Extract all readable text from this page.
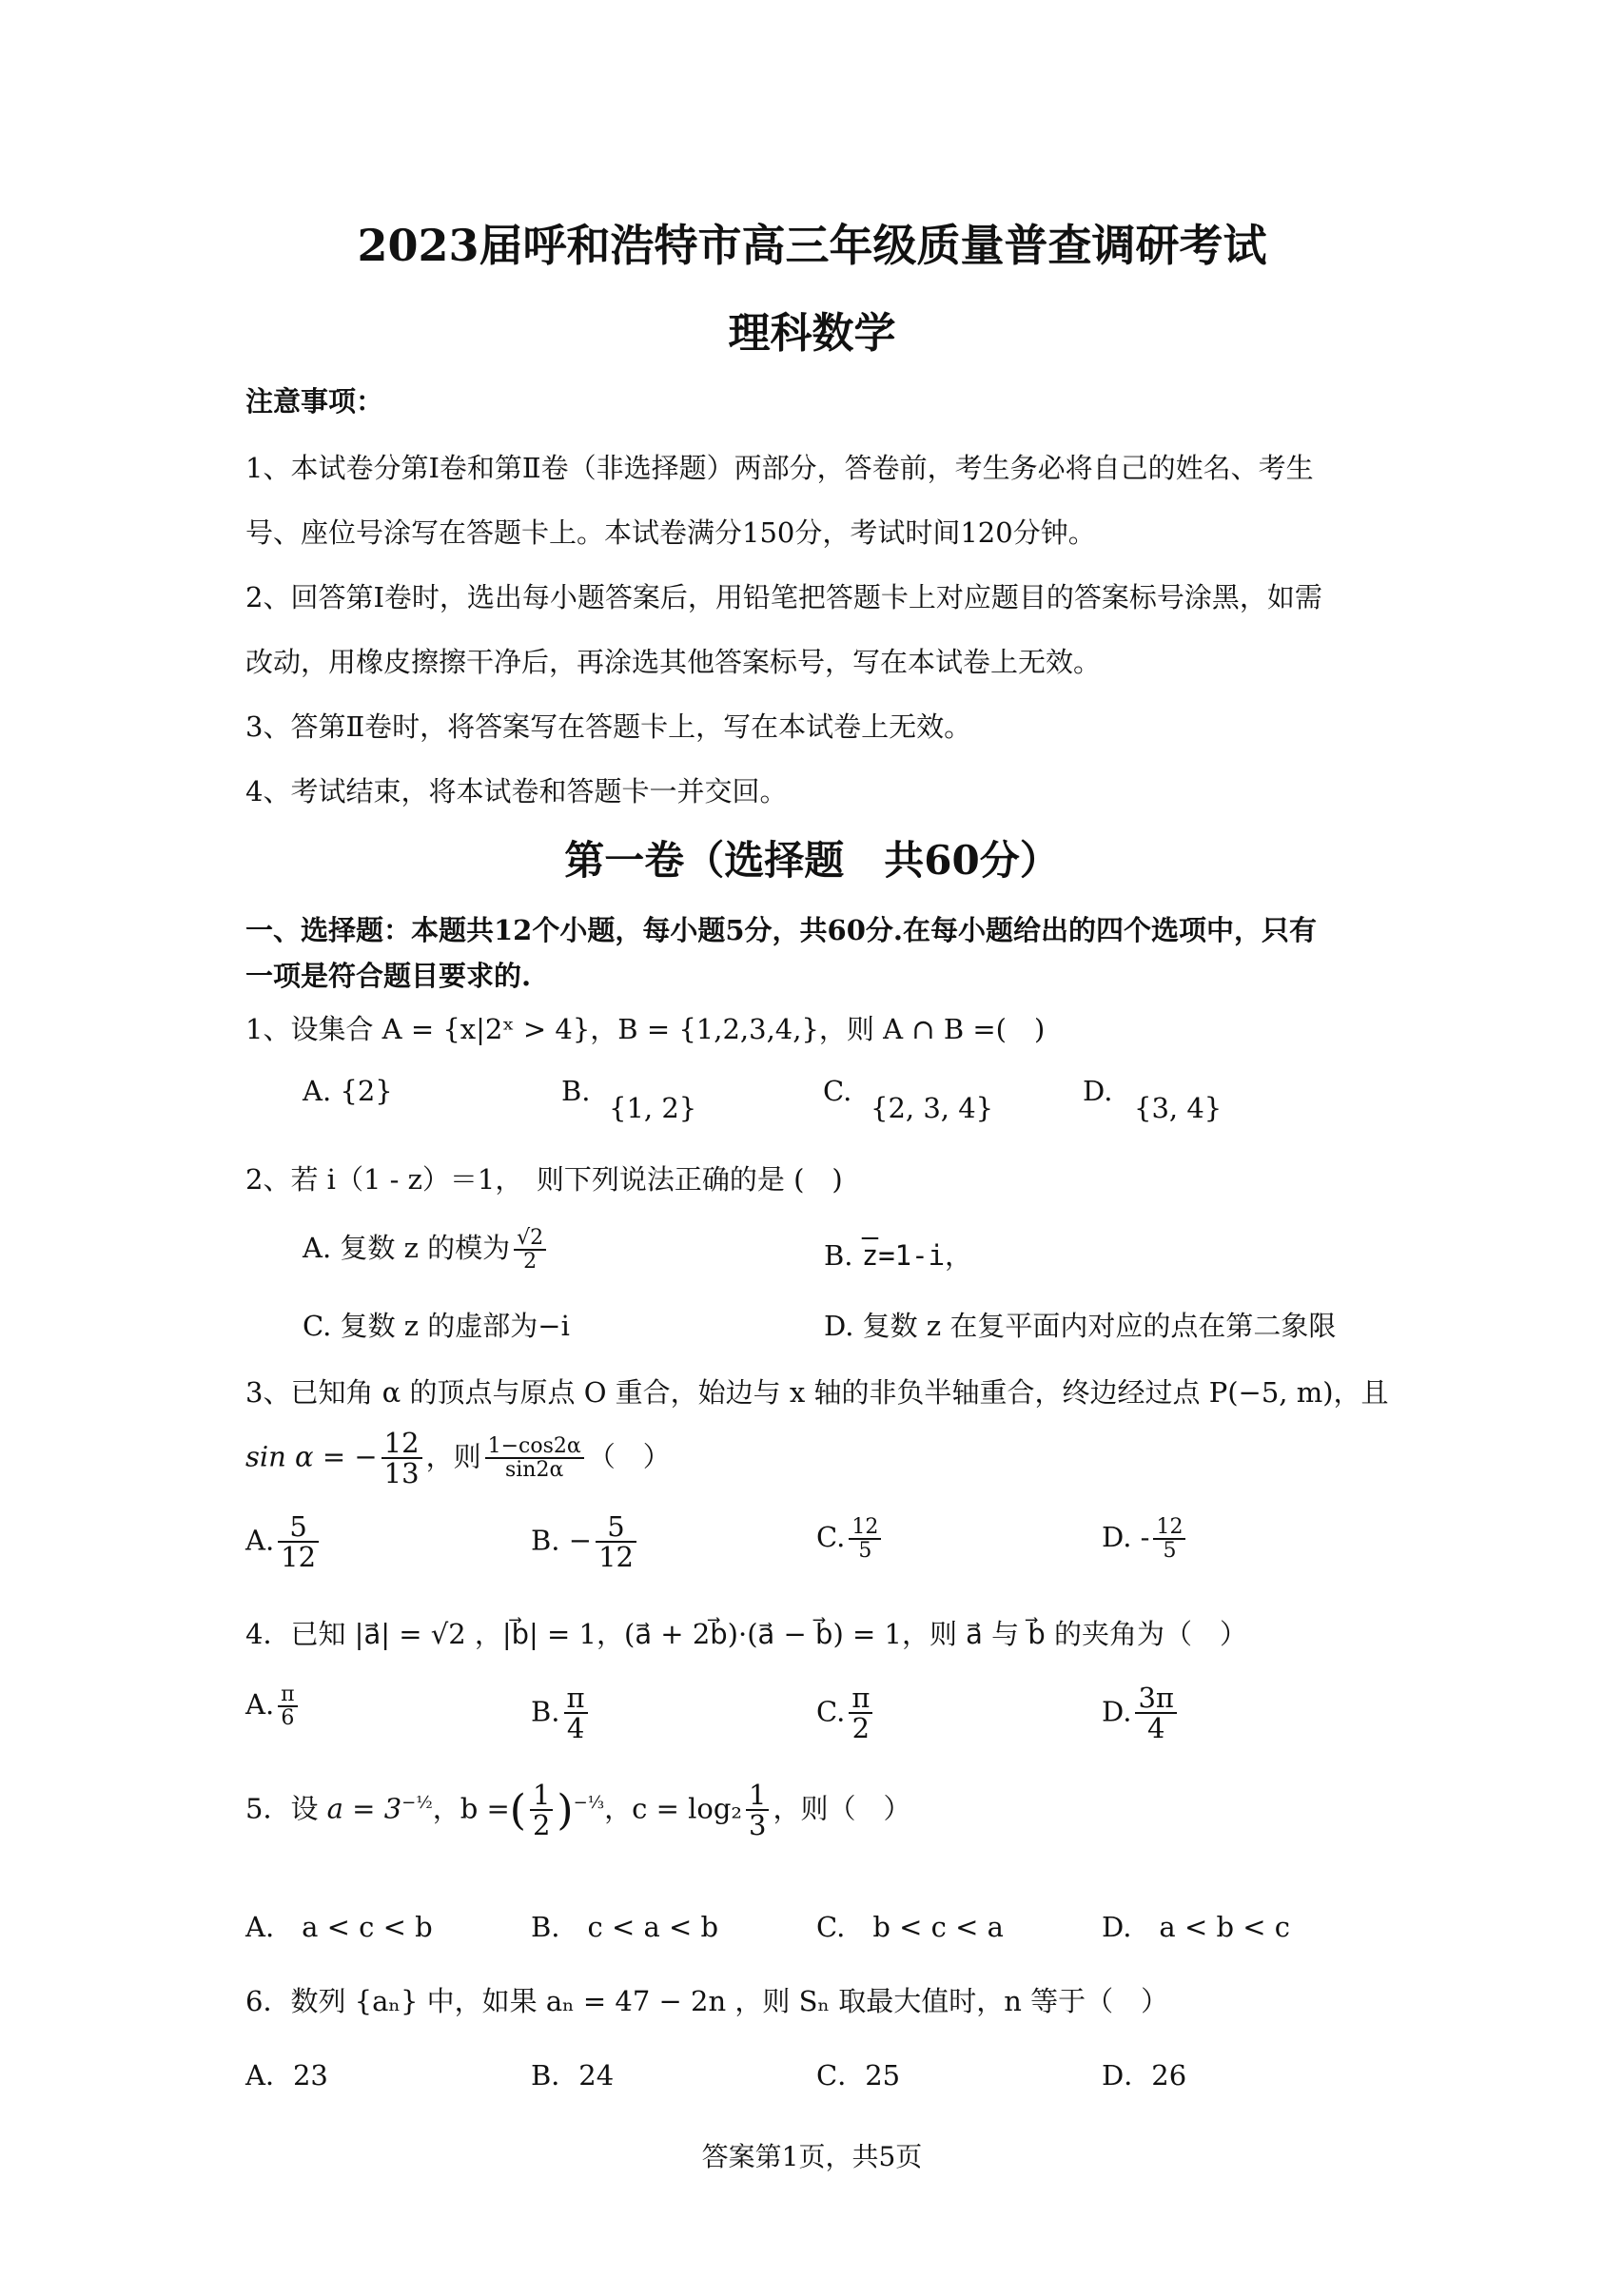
2023届呼和浩特市高三年级质量普查调研考试
理科数学
注意事项：
1、本试卷分第Ⅰ卷和第Ⅱ卷（非选择题）两部分，答卷前，考生务必将自己的姓名、考生
号、座位号涂写在答题卡上。本试卷满分150分，考试时间120分钟。
2、回答第Ⅰ卷时，选出每小题答案后，用铅笔把答题卡上对应题目的答案标号涂黑，如需
改动，用橡皮擦擦干净后，再涂选其他答案标号，写在本试卷上无效。
3、答第Ⅱ卷时，将答案写在答题卡上，写在本试卷上无效。
4、考试结束，将本试卷和答题卡一并交回。
第一卷（选择题　共60分）
一、选择题：本题共12个小题，每小题5分，共60分.在每小题给出的四个选项中，只有
一项是符合题目要求的.
1、设集合 A = {x|2ˣ > 4}，B = {1,2,3,4,}，则 A ∩ B =(　)
A. {2}	B.
{1, 2}
C.
{2, 3, 4}
D.
{3, 4}
2、若 i（1 - z）＝1，　则下列说法正确的是 (　)
A. 复数 z 的模为 $\frac{√2}{2}$	B. $\overline{z}=1-i$，
C. 复数 z 的虚部为−i	D. 复数 z 在复平面内对应的点在第二象限
3、已知角 α 的顶点与原点 O 重合，始边与 x 轴的非负半轴重合，终边经过点 P(−5, m)，且
sin α = − $\frac{12}{13}$ ，则 $\frac{1-\cos 2\alpha}{\sin 2\alpha}$ （　）
A. $\frac{5}{12}$	B. − $\frac{5}{12}$	C. $\frac{12}{5}$	D. - $\frac{12}{5}$
4．已知 |a⃗| = √2 ，|b⃗| = 1，(a⃗ + 2b⃗)·(a⃗ − b⃗) = 1，则 a⃗ 与 b⃗ 的夹角为（　）
A. $\frac{\pi}{6}$	B. $\frac{\pi}{4}$	C. $\frac{\pi}{2}$	D. $\frac{3\pi}{4}$
5．设 $a = 3^{-\frac{1}{2}}$，b =( $\frac{1}{2} )^{-\frac{1}{3}}$，$c = \log_2 \frac{1}{3}$ ，则（　）
A.　a < c < b	B.　c < a < b	C.　b < c < a	D.　a < b < c
6．数列 {aₙ} 中，如果 aₙ = 47 − 2n ，则 Sₙ 取最大值时，n 等于（　）
A．23	B．24	C．25	D．26
答案第1页，共5页
